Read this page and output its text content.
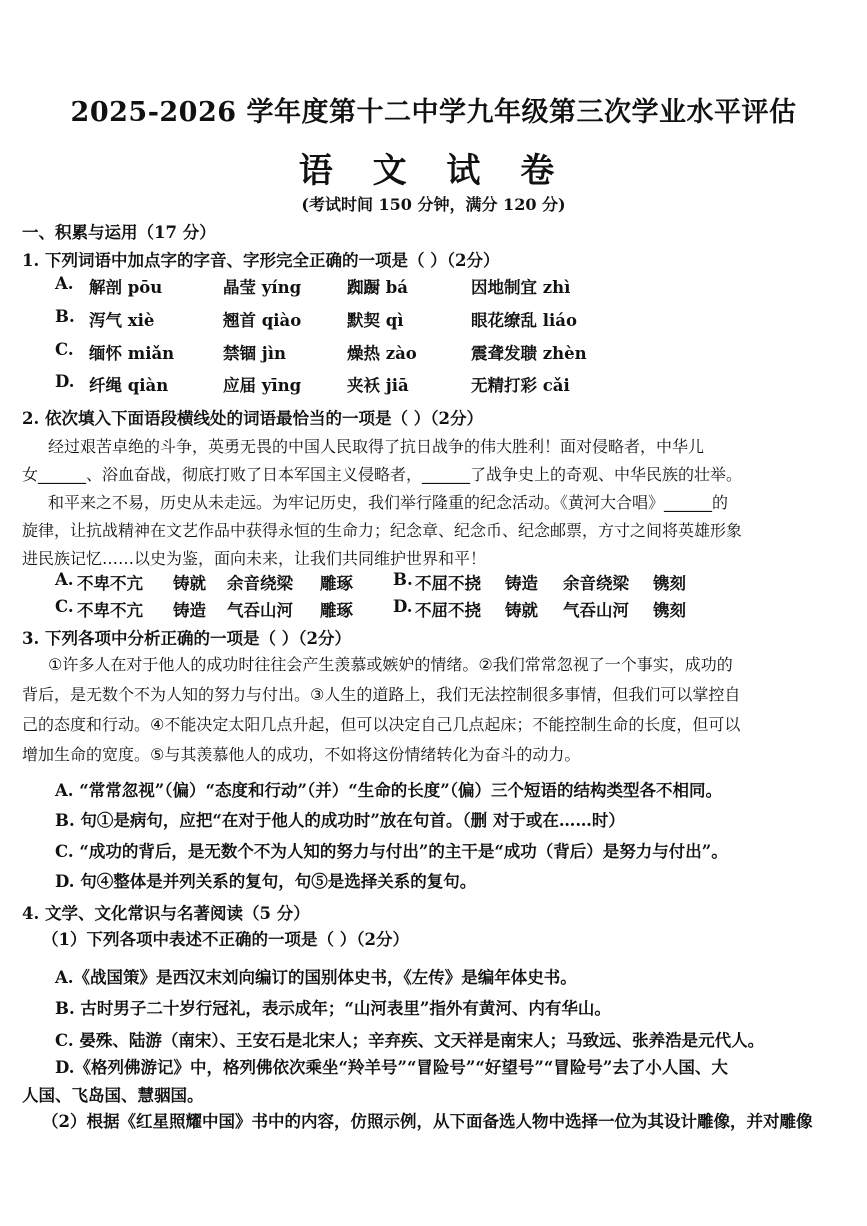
2025-2026 学年度第十二中学九年级第三次学业水平评估
语 文 试 卷
(考试时间 150 分钟，满分 120 分)
一、积累与运用（17 分）
1. 下列词语中加点字的字音、字形完全正确的一项是（ ）（2分）
A. 解剖 pōu	晶莹 yíng	踟蹰 bá	因地制宜 zhì
B. 泻气 xiè	翘首 qiào	默契 qì	眼花缭乱 liáo
C. 缅怀 miǎn	禁锢 jìn	燥热 zào	震聋发聩 zhèn
D. 纤绳 qiàn	应届 yīng	夹袄 jiā	无精打彩 cǎi
2. 依次填入下面语段横线处的词语最恰当的一项是（ ）（2分）
经过艰苦卓绝的斗争，英勇无畏的中国人民取得了抗日战争的伟大胜利！面对侵略者，中华儿
女______、浴血奋战，彻底打败了日本军国主义侵略者，______了战争史上的奇观、中华民族的壮举。
和平来之不易，历史从未走远。为牢记历史，我们举行隆重的纪念活动。《黄河大合唱》______的
旋律，让抗战精神在文艺作品中获得永恒的生命力；纪念章、纪念币、纪念邮票，方寸之间将英雄形象
进民族记忆……以史为鉴，面向未来，让我们共同维护世界和平！
A. 不卑不亢 铸就 余音绕梁 雕琢 B. 不屈不挠 铸造 余音绕梁 镌刻
C. 不卑不亢 铸造 气吞山河 雕琢 D. 不屈不挠 铸就 气吞山河 镌刻
3. 下列各项中分析正确的一项是（ ）（2分）
①许多人在对于他人的成功时往往会产生羡慕或嫉妒的情绪。②我们常常忽视了一个事实，成功的
背后，是无数个不为人知的努力与付出。③人生的道路上，我们无法控制很多事情，但我们可以掌控自
己的态度和行动。④不能决定太阳几点升起，但可以决定自己几点起床；不能控制生命的长度，但可以
增加生命的宽度。⑤与其羡慕他人的成功，不如将这份情绪转化为奋斗的动力。
A. “常常忽视”（偏）“态度和行动”（并）“生命的长度”（偏）三个短语的结构类型各不相同。
B. 句①是病句，应把“在对于他人的成功时”放在句首。（删 对于或在……时）
C. “成功的背后，是无数个不为人知的努力与付出”的主干是“成功（背后）是努力与付出”。
D. 句④整体是并列关系的复句，句⑤是选择关系的复句。
4. 文学、文化常识与名著阅读（5 分）
（1）下列各项中表述不正确的一项是（ ）（2分）
A.《战国策》是西汉末刘向编订的国别体史书，《左传》是编年体史书。
B. 古时男子二十岁行冠礼，表示成年；“山河表里”指外有黄河、内有华山。
C. 晏殊、陆游（南宋）、王安石是北宋人；辛弃疾、文天祥是南宋人；马致远、张养浩是元代人。
D.《格列佛游记》中，格列佛依次乘坐“羚羊号”“冒险号”“好望号”“冒险号”去了小人国、大
人国、飞岛国、慧骃国。
（2）根据《红星照耀中国》书中的内容，仿照示例，从下面备选人物中选择一位为其设计雕像，并对雕像
